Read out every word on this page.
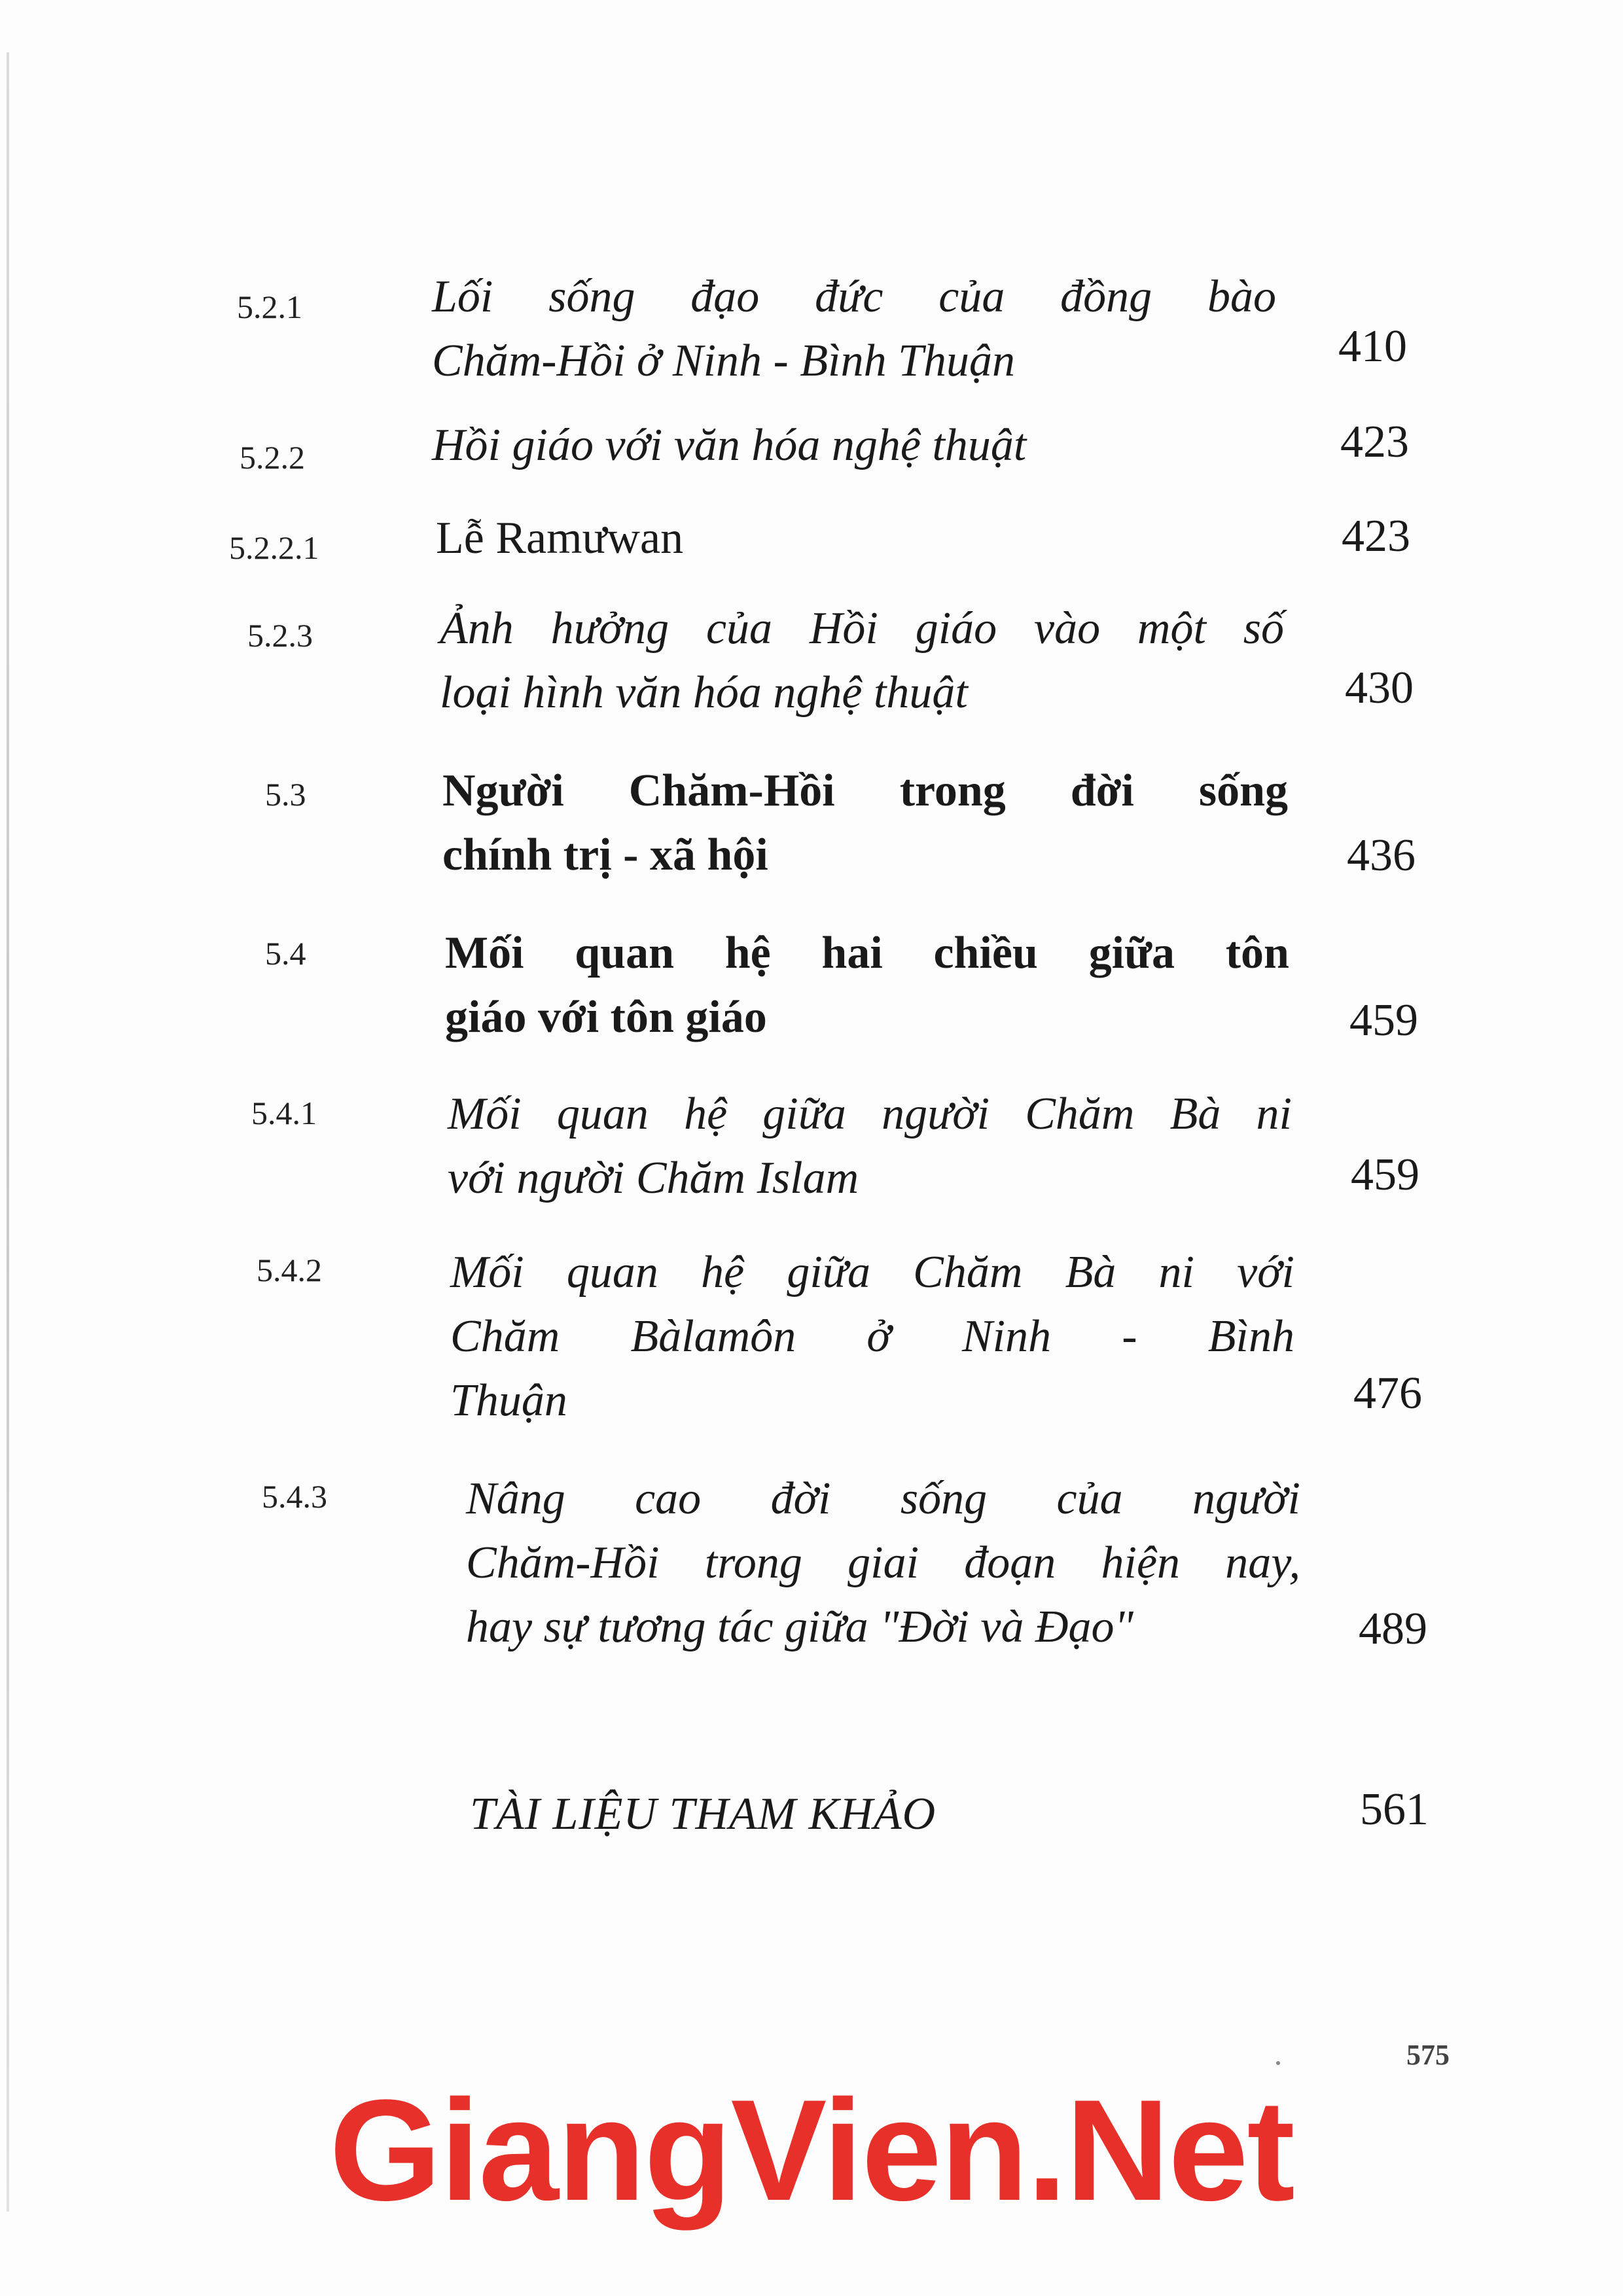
5.2.1	Lối sống đạo đức của đồng bào
Chăm-Hồi ở Ninh - Bình Thuận	410
5.2.2	Hồi giáo với văn hóa nghệ thuật	423
5.2.2.1	Lễ Ramưwan	423
5.2.3	Ảnh hưởng của Hồi giáo vào một số
loại hình văn hóa nghệ thuật	430
5.3	Người Chăm-Hồi trong đời sống
chính trị - xã hội	436
5.4	Mối quan hệ hai chiều giữa tôn
giáo với tôn giáo	459
5.4.1	Mối quan hệ giữa người Chăm Bà ni
với người Chăm Islam	459
5.4.2	Mối quan hệ giữa Chăm Bà ni với
Chăm Bàlamôn ở Ninh - Bình
Thuận	476
5.4.3	Nâng cao đời sống của người
Chăm-Hồi trong giai đoạn hiện nay,
hay sự tương tác giữa "Đời và Đạo"	489
TÀI LIỆU THAM KHẢO	561
575
GiangVien.Net
